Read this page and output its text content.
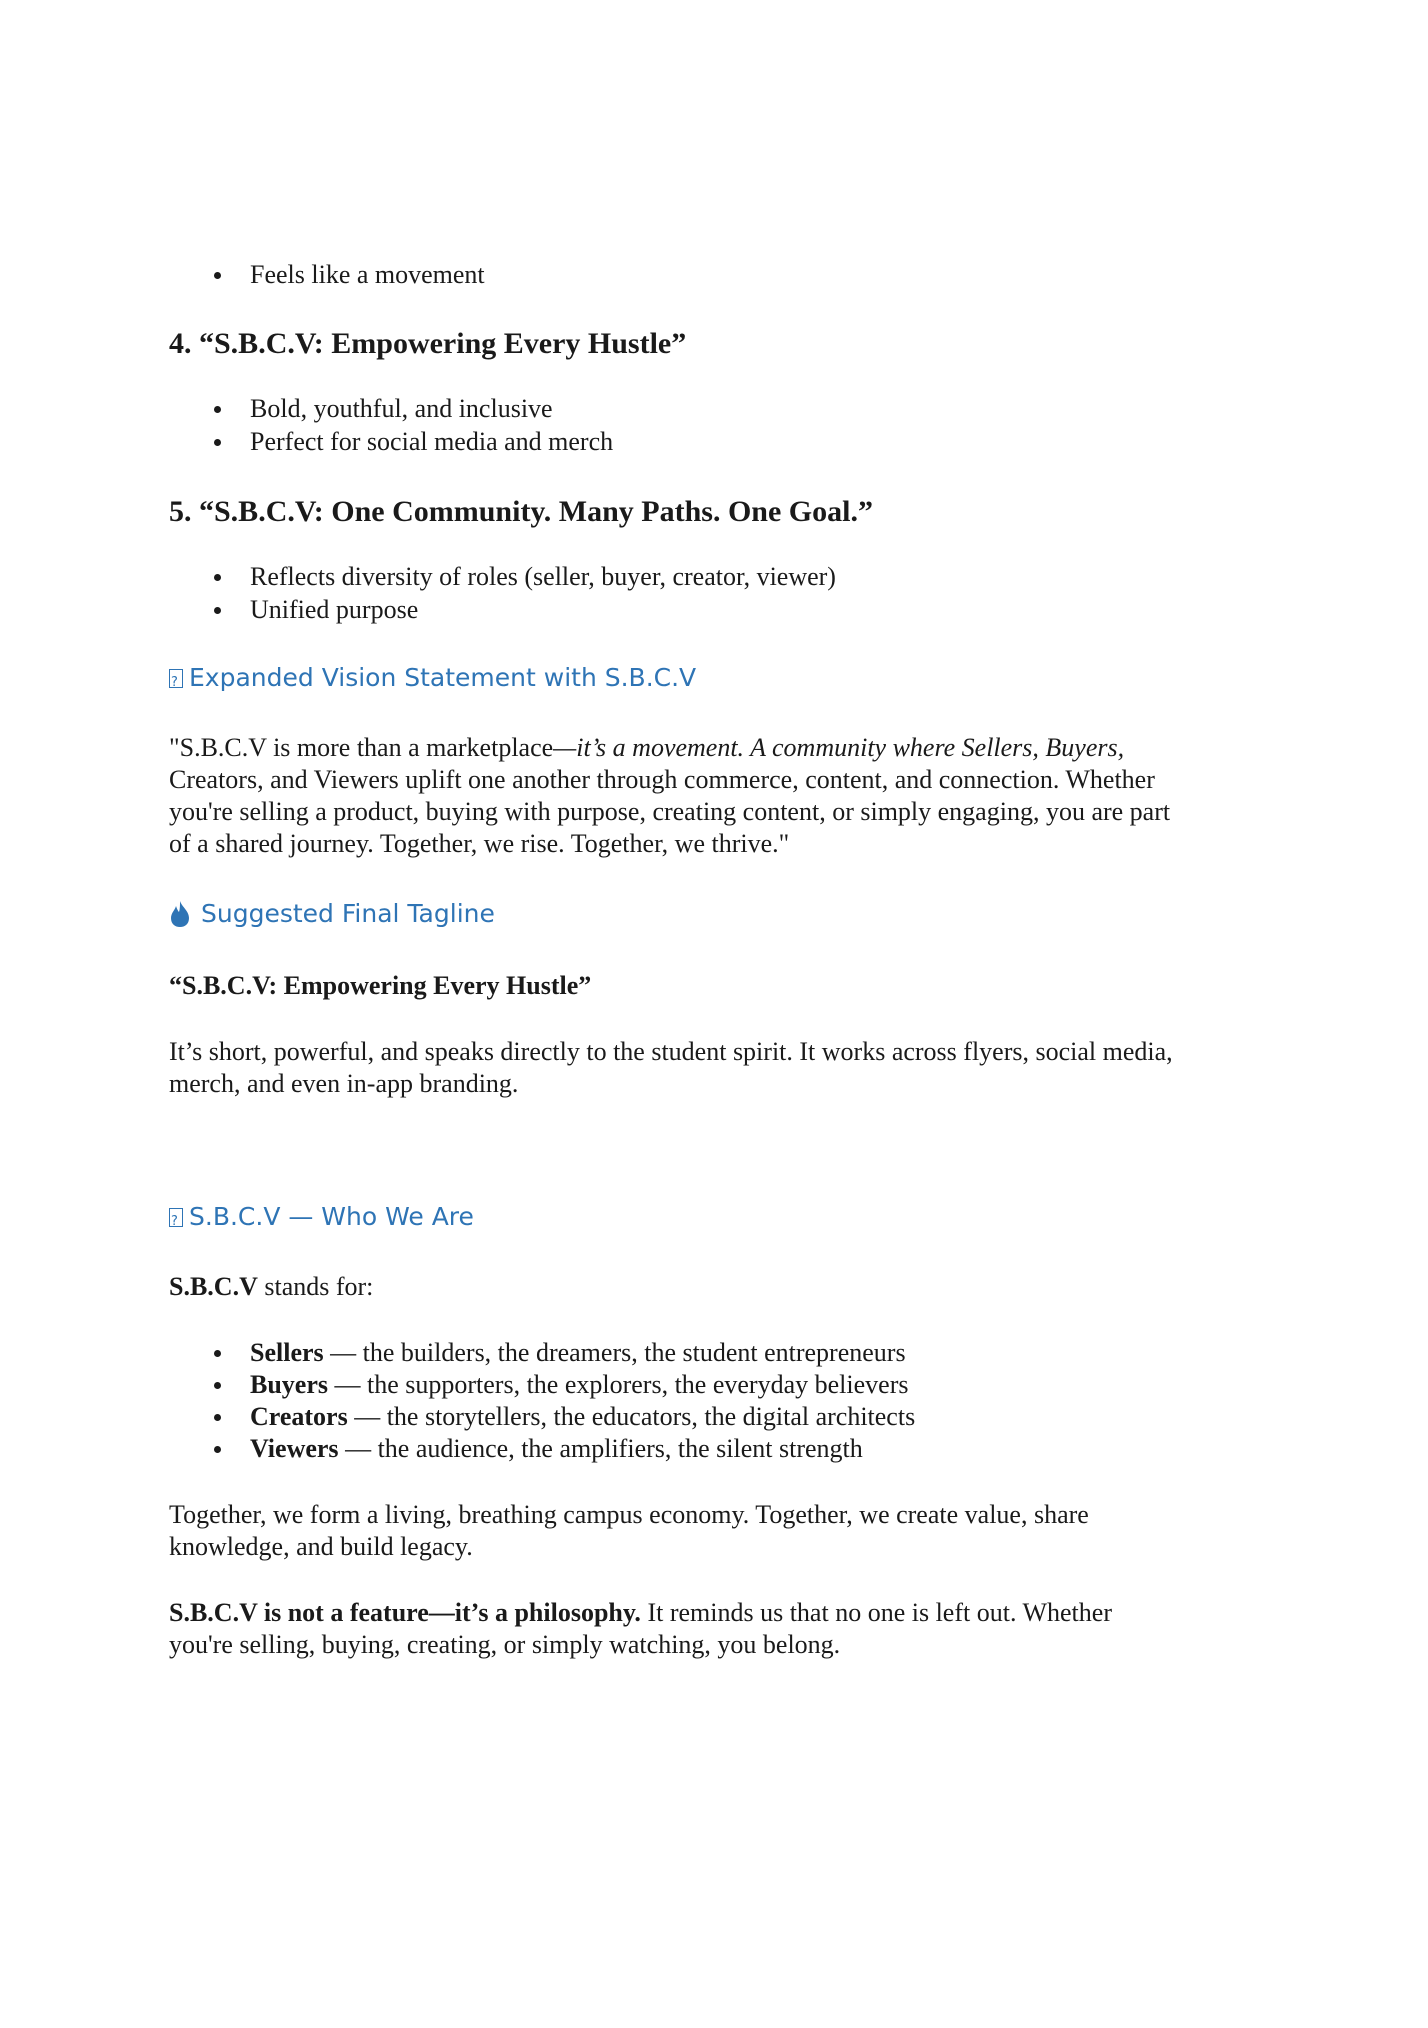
Feels like a movement
4. “S.B.C.V: Empowering Every Hustle”
Bold, youthful, and inclusive
Perfect for social media and merch
5. “S.B.C.V: One Community. Many Paths. One Goal.”
Reflects diversity of roles (seller, buyer, creator, viewer)
Unified purpose
?
Expanded Vision Statement with S.B.C.V
"S.B.C.V is more than a marketplace—it’s a movement. A community where Sellers, Buyers,
Creators, and Viewers uplift one another through commerce, content, and connection. Whether
you're selling a product, buying with purpose, creating content, or simply engaging, you are part
of a shared journey. Together, we rise. Together, we thrive."
Suggested Final Tagline
“S.B.C.V: Empowering Every Hustle”
It’s short, powerful, and speaks directly to the student spirit. It works across flyers, social media,
merch, and even in-app branding.
?
S.B.C.V — Who We Are
S.B.C.V stands for:
Sellers — the builders, the dreamers, the student entrepreneurs
Buyers — the supporters, the explorers, the everyday believers
Creators — the storytellers, the educators, the digital architects
Viewers — the audience, the amplifiers, the silent strength
Together, we form a living, breathing campus economy. Together, we create value, share
knowledge, and build legacy.
S.B.C.V is not a feature—it’s a philosophy. It reminds us that no one is left out. Whether
you're selling, buying, creating, or simply watching, you belong.
